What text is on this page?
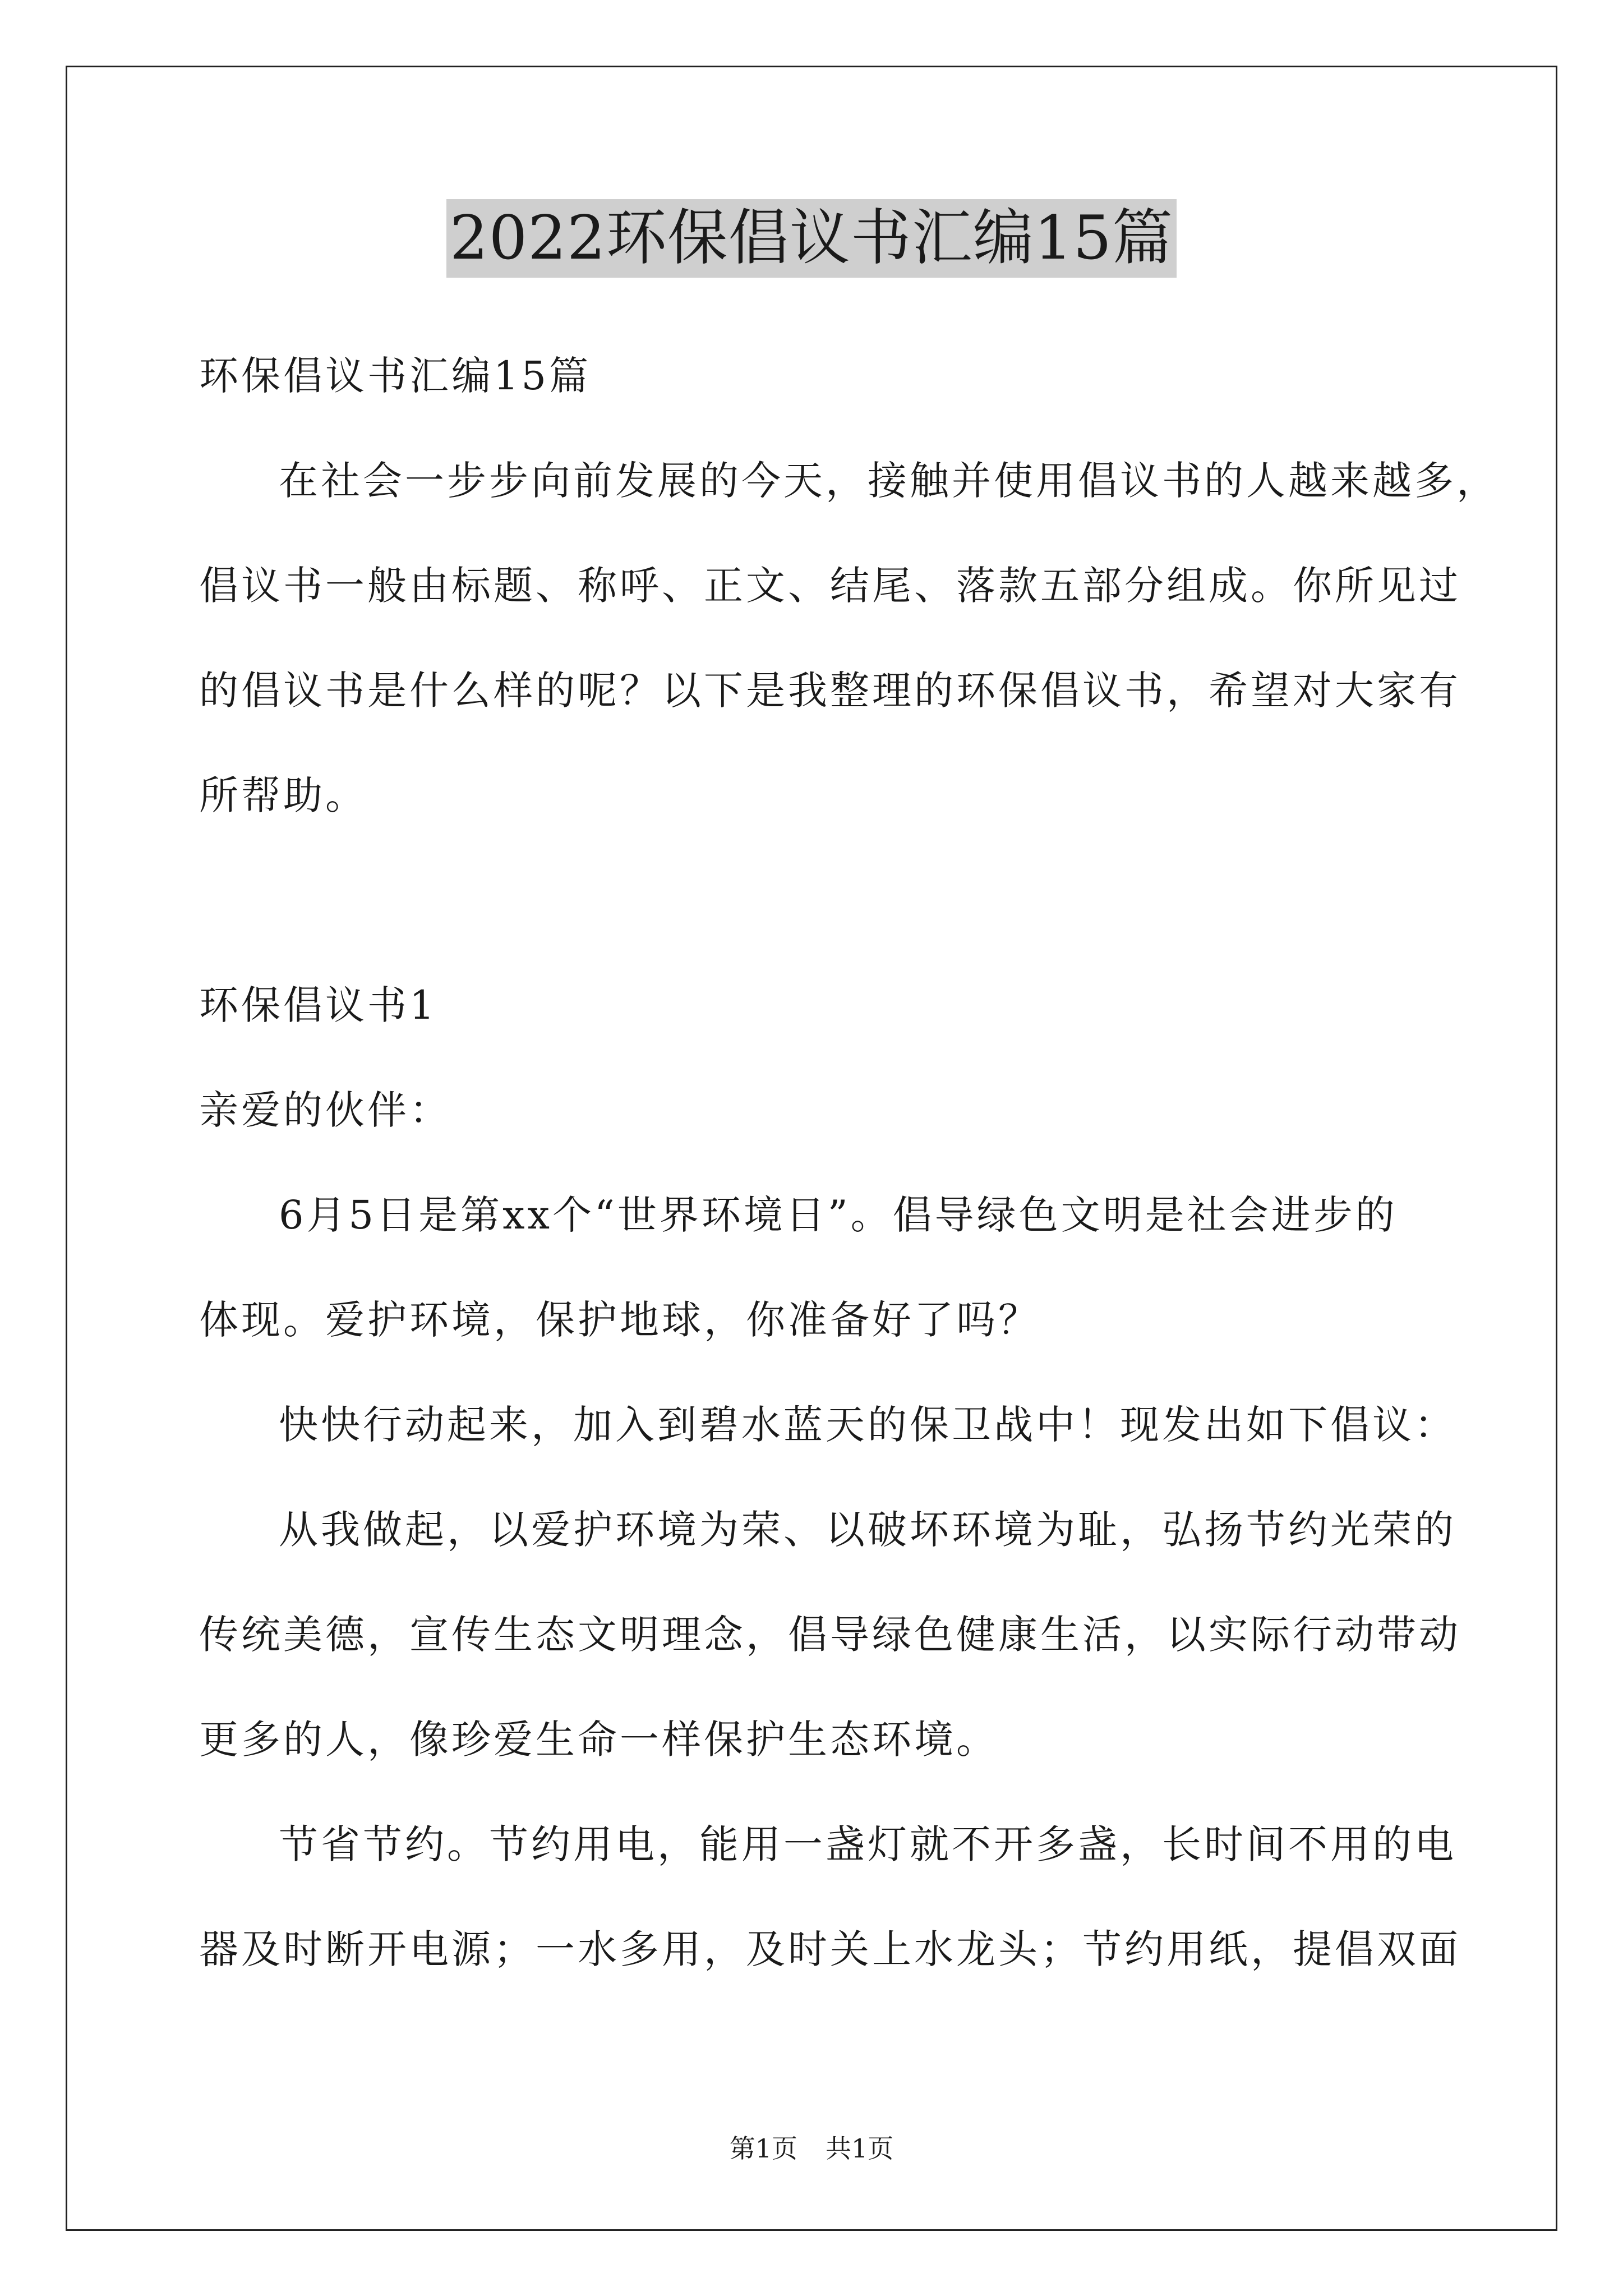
2022环保倡议书汇编15篇
环保倡议书汇编15篇
在社会一步步向前发展的今天，接触并使用倡议书的人越来越多，
倡议书一般由标题、称呼、正文、结尾、落款五部分组成。你所见过
的倡议书是什么样的呢？以下是我整理的环保倡议书，希望对大家有
所帮助。
环保倡议书1
亲爱的伙伴：
6月5日是第xx个“世界环境日”。倡导绿色文明是社会进步的
体现。爱护环境，保护地球，你准备好了吗？
快快行动起来，加入到碧水蓝天的保卫战中！现发出如下倡议：
从我做起，以爱护环境为荣、以破坏环境为耻，弘扬节约光荣的
传统美德，宣传生态文明理念，倡导绿色健康生活，以实际行动带动
更多的人，像珍爱生命一样保护生态环境。
节省节约。节约用电，能用一盏灯就不开多盏，长时间不用的电
器及时断开电源；一水多用，及时关上水龙头；节约用纸，提倡双面
第1页 共1页
